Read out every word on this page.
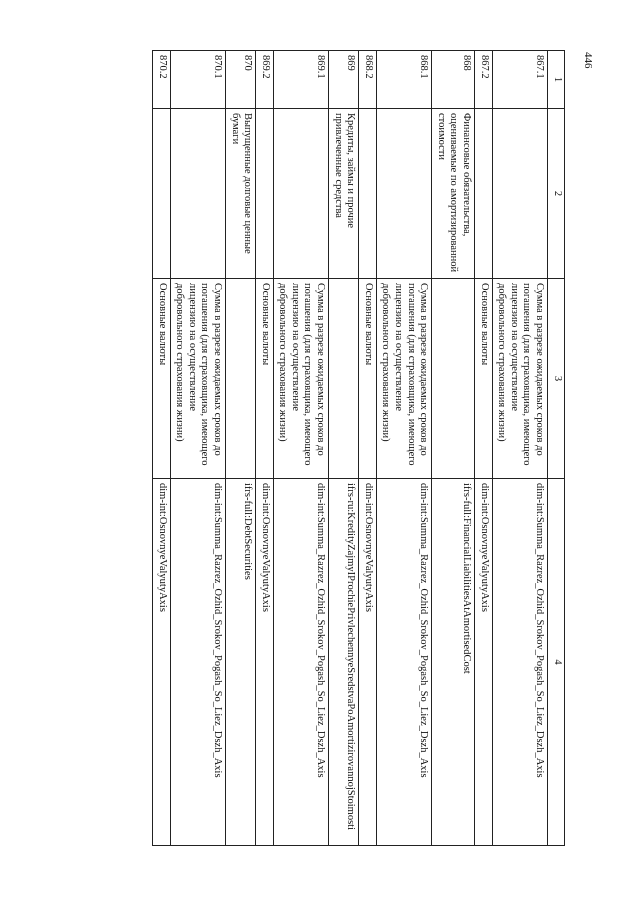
446
1	2	3	4
867.1		Сумма в разрезе ожидаемых сроков до погашения (для страховщика, имеющего лицензию на осуществление добровольного страхования жизни)	dim-int:Summa_Razrez_Ozhid_Srokov_Pogash_So_Liez_Dszh_Axis
867.2		Основные валюты	dim-int:OsnovnyeValyutyAxis
868	Финансовые обязательства, оцениваемые по амортизированной стоимости		ifrs-full:FinancialLiabilitiesAtAmortisedCost
868.1		Сумма в разрезе ожидаемых сроков до погашения (для страховщика, имеющего лицензию на осуществление добровольного страхования жизни)	dim-int:Summa_Razrez_Ozhid_Srokov_Pogash_So_Liez_Dszh_Axis
868.2		Основные валюты	dim-int:OsnovnyeValyutyAxis
869	Кредиты, займы и прочие привлеченные средства		ifrs-ru:KredityZajmyIProchiePrivlechennyeSredstvaPoAmortizirovannojStoimosti
869.1		Сумма в разрезе ожидаемых сроков до погашения (для страховщика, имеющего лицензию на осуществление добровольного страхования жизни)	dim-int:Summa_Razrez_Ozhid_Srokov_Pogash_So_Liez_Dszh_Axis
869.2		Основные валюты	dim-int:OsnovnyeValyutyAxis
870	Выпущенные долговые ценные бумаги		ifrs-full:DebtSecurities
870.1		Сумма в разрезе ожидаемых сроков до погашения (для страховщика, имеющего лицензию на осуществление добровольного страхования жизни)	dim-int:Summa_Razrez_Ozhid_Srokov_Pogash_So_Liez_Dszh_Axis
870.2		Основные валюты	dim-int:OsnovnyeValyutyAxis
